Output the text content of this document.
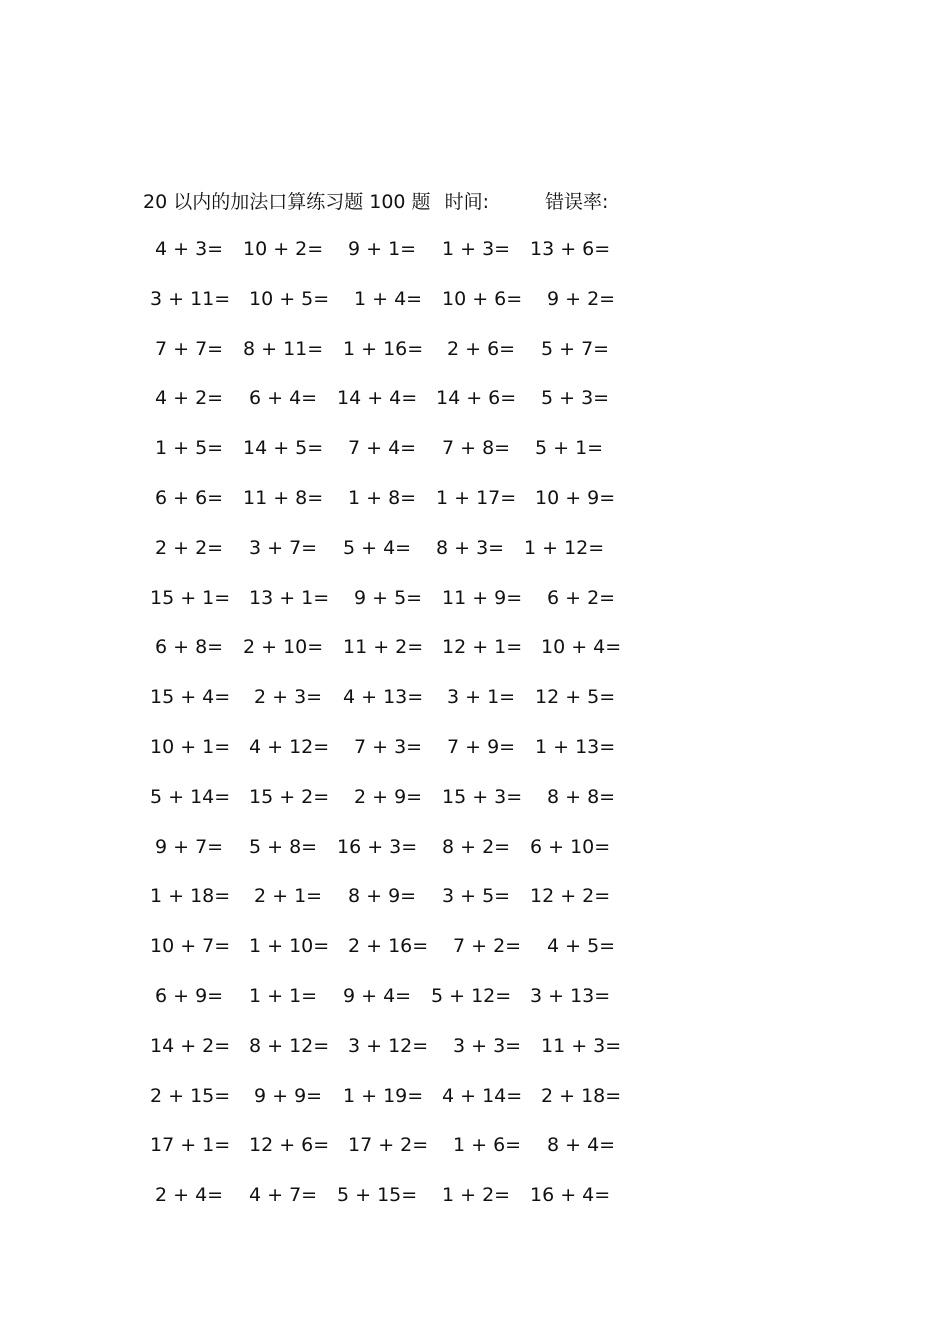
20 以内的加法口算练习题 100 题 时间:	错误率:
4 + 3= 10 + 2= 9 + 1= 1 + 3= 13 + 6=
3 + 11= 10 + 5= 1 + 4= 10 + 6= 9 + 2=
7 + 7= 8 + 11= 1 + 16= 2 + 6= 5 + 7=
4 + 2= 6 + 4= 14 + 4= 14 + 6= 5 + 3=
1 + 5= 14 + 5= 7 + 4= 7 + 8= 5 + 1=
6 + 6= 11 + 8= 1 + 8= 1 + 17= 10 + 9=
2 + 2= 3 + 7= 5 + 4= 8 + 3= 1 + 12=
15 + 1= 13 + 1= 9 + 5= 11 + 9= 6 + 2=
6 + 8= 2 + 10= 11 + 2= 12 + 1= 10 + 4=
15 + 4= 2 + 3= 4 + 13= 3 + 1= 12 + 5=
10 + 1= 4 + 12= 7 + 3= 7 + 9= 1 + 13=
5 + 14= 15 + 2= 2 + 9= 15 + 3= 8 + 8=
9 + 7= 5 + 8= 16 + 3= 8 + 2= 6 + 10=
1 + 18= 2 + 1= 8 + 9= 3 + 5= 12 + 2=
10 + 7= 1 + 10= 2 + 16= 7 + 2= 4 + 5=
6 + 9= 1 + 1= 9 + 4= 5 + 12= 3 + 13=
14 + 2= 8 + 12= 3 + 12= 3 + 3= 11 + 3=
2 + 15= 9 + 9= 1 + 19= 4 + 14= 2 + 18=
17 + 1= 12 + 6= 17 + 2= 1 + 6= 8 + 4=
2 + 4= 4 + 7= 5 + 15= 1 + 2= 16 + 4=
